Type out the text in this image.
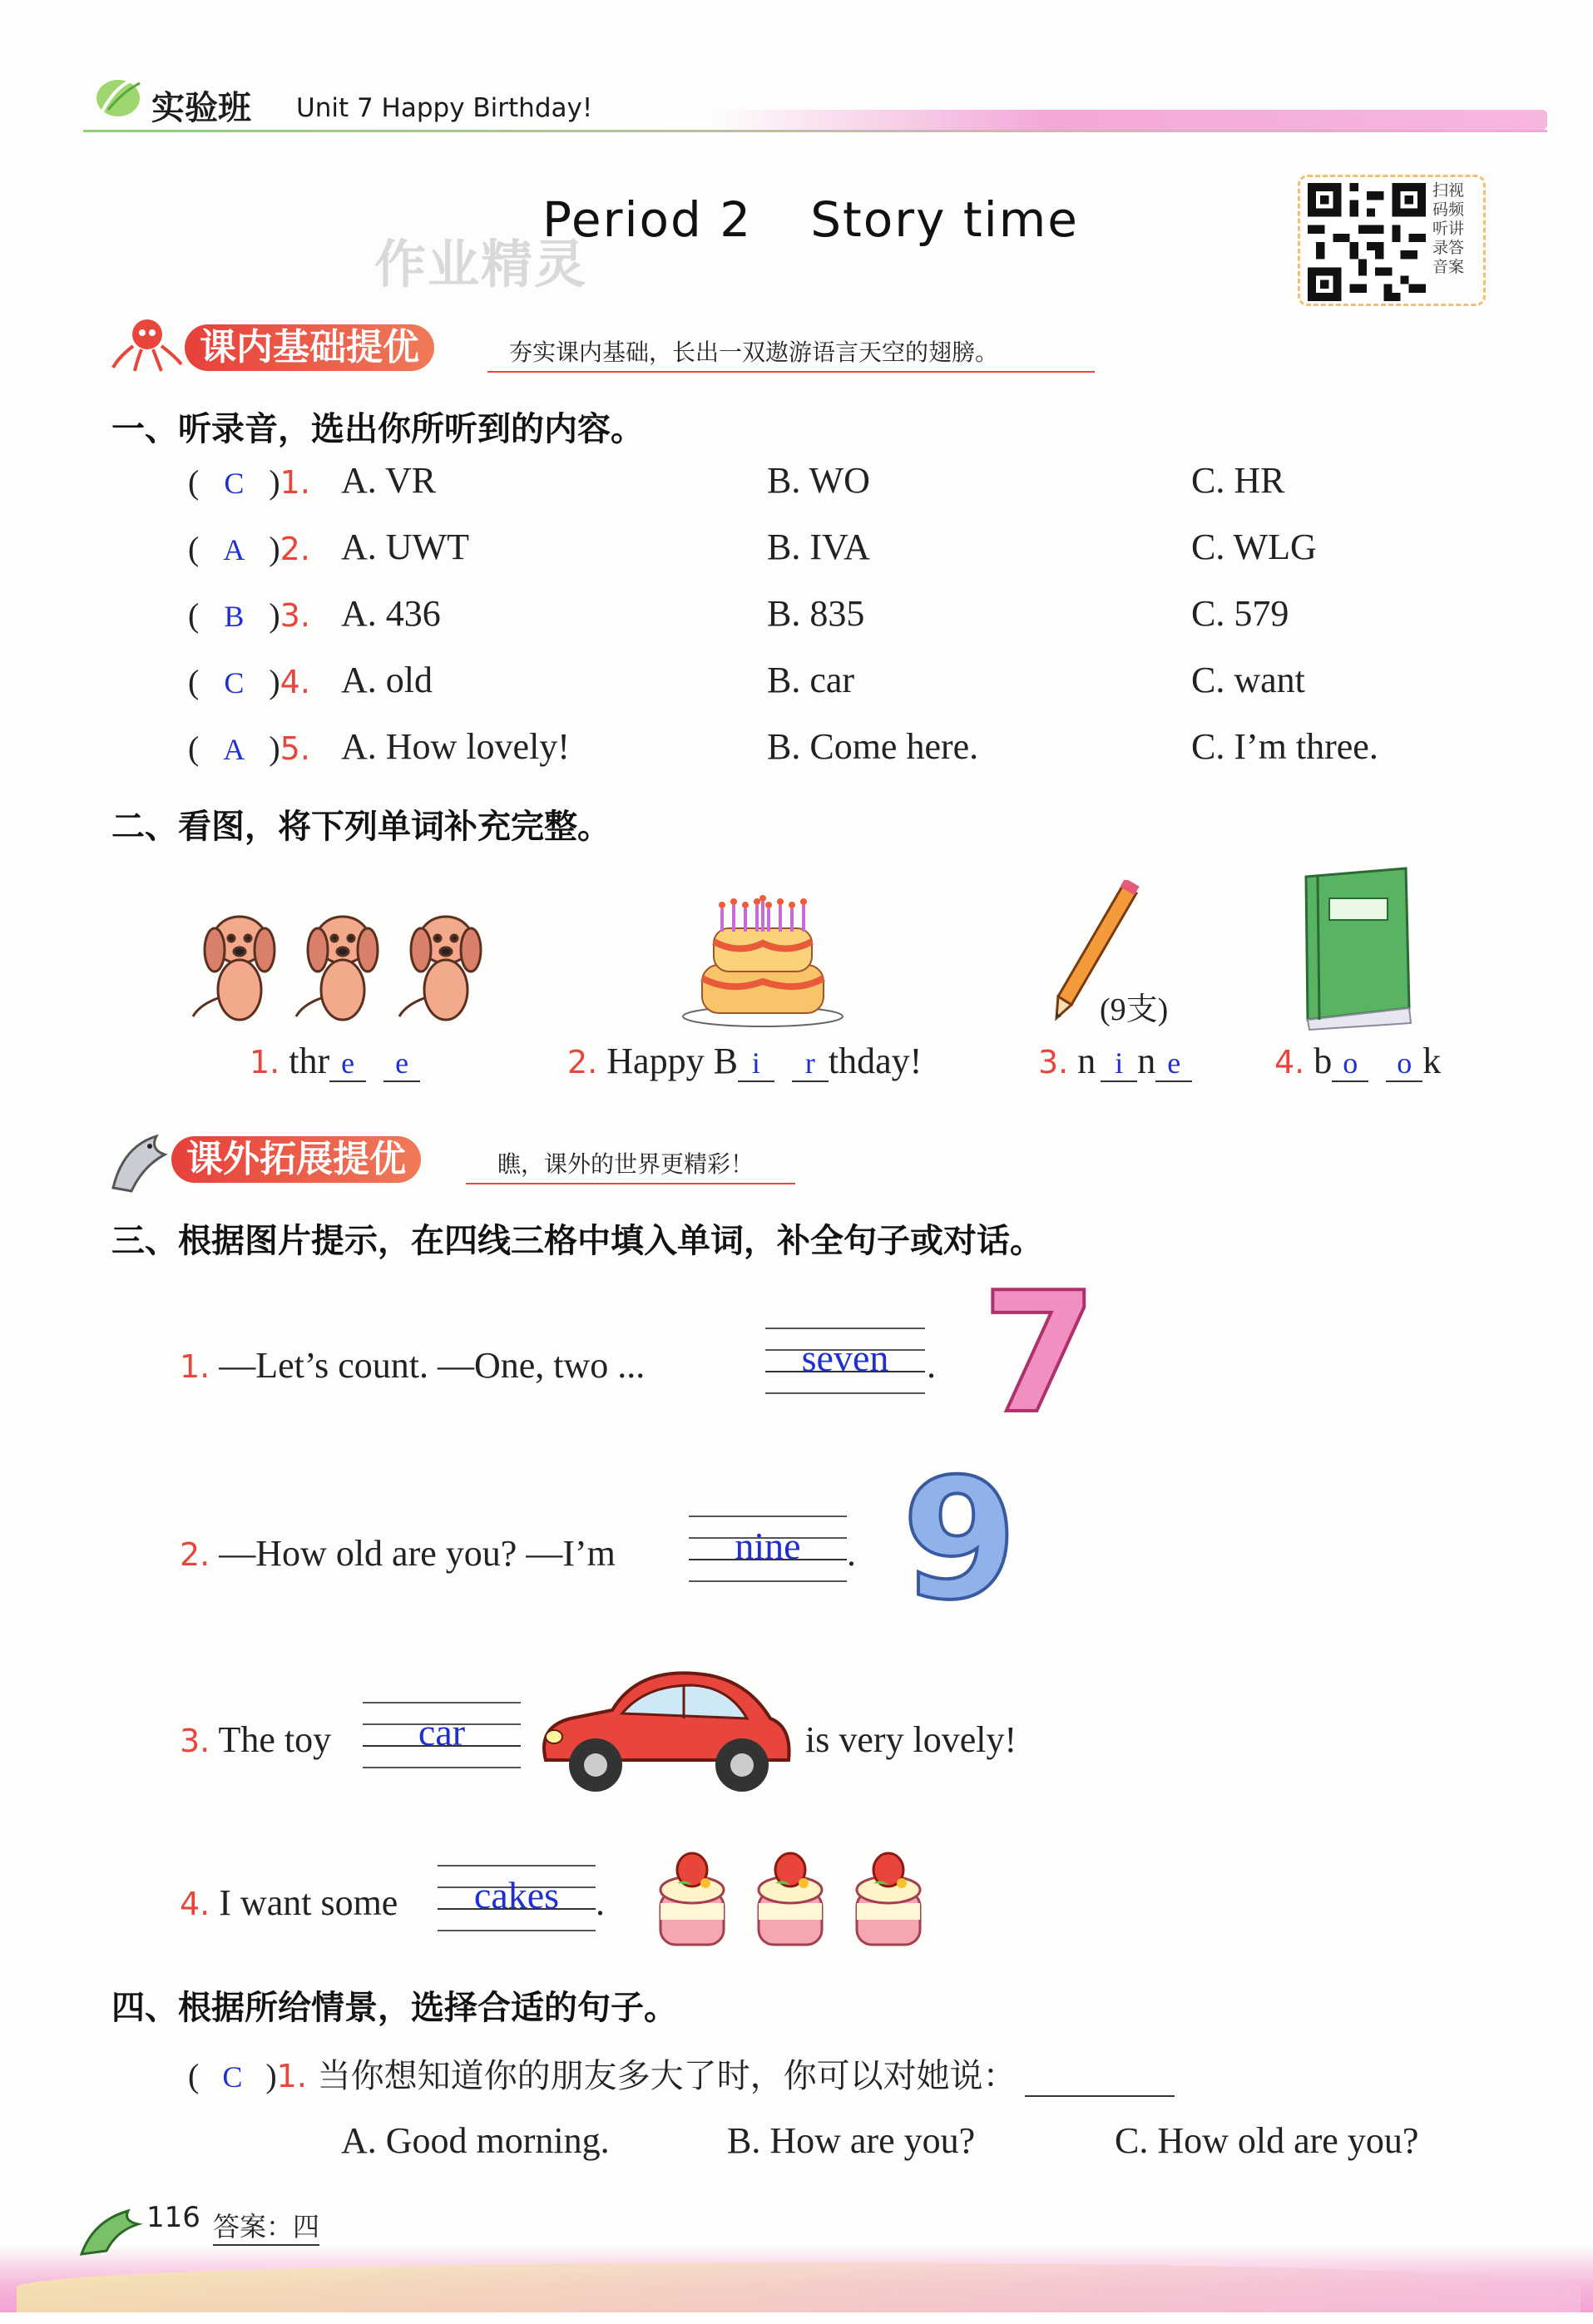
实验班 Unit 7 Happy Birthday!
作业精灵
Period 2 Story time
扫视
码频
听讲
录答
音案
课内基础提优	夯实课内基础，长出一双遨游语言天空的翅膀。
一、听录音，选出你所听到的内容。
( C )1. A. VR	B. WO	C. HR
( A )2. A. UWT	B. IVA	C. WLG
( B )3. A. 436	B. 835	C. 579
( C )4. A. old	B. car	C. want
( A )5. A. How lovely!	B. Come here.	C. I’m three.
二、看图，将下列单词补充完整。
(9支)
1. thr e e	2. Happy B i r thday!	3. n i n e	4. b o o k
课外拓展提优	瞧，课外的世界更精彩！
三、根据图片提示，在四线三格中填入单词，补全句子或对话。
1. —Let’s count. —One, two ...	seven	. 7
2. —How old are you? —I’m	nine	. 9
3. The toy	car	is very lovely!
4. I want some	cakes .
四、根据所给情景，选择合适的句子。
( C )1. 当你想知道你的朋友多大了时，你可以对她说：
A. Good morning.	B. How are you?	C. How old are you?
116 答案：四
